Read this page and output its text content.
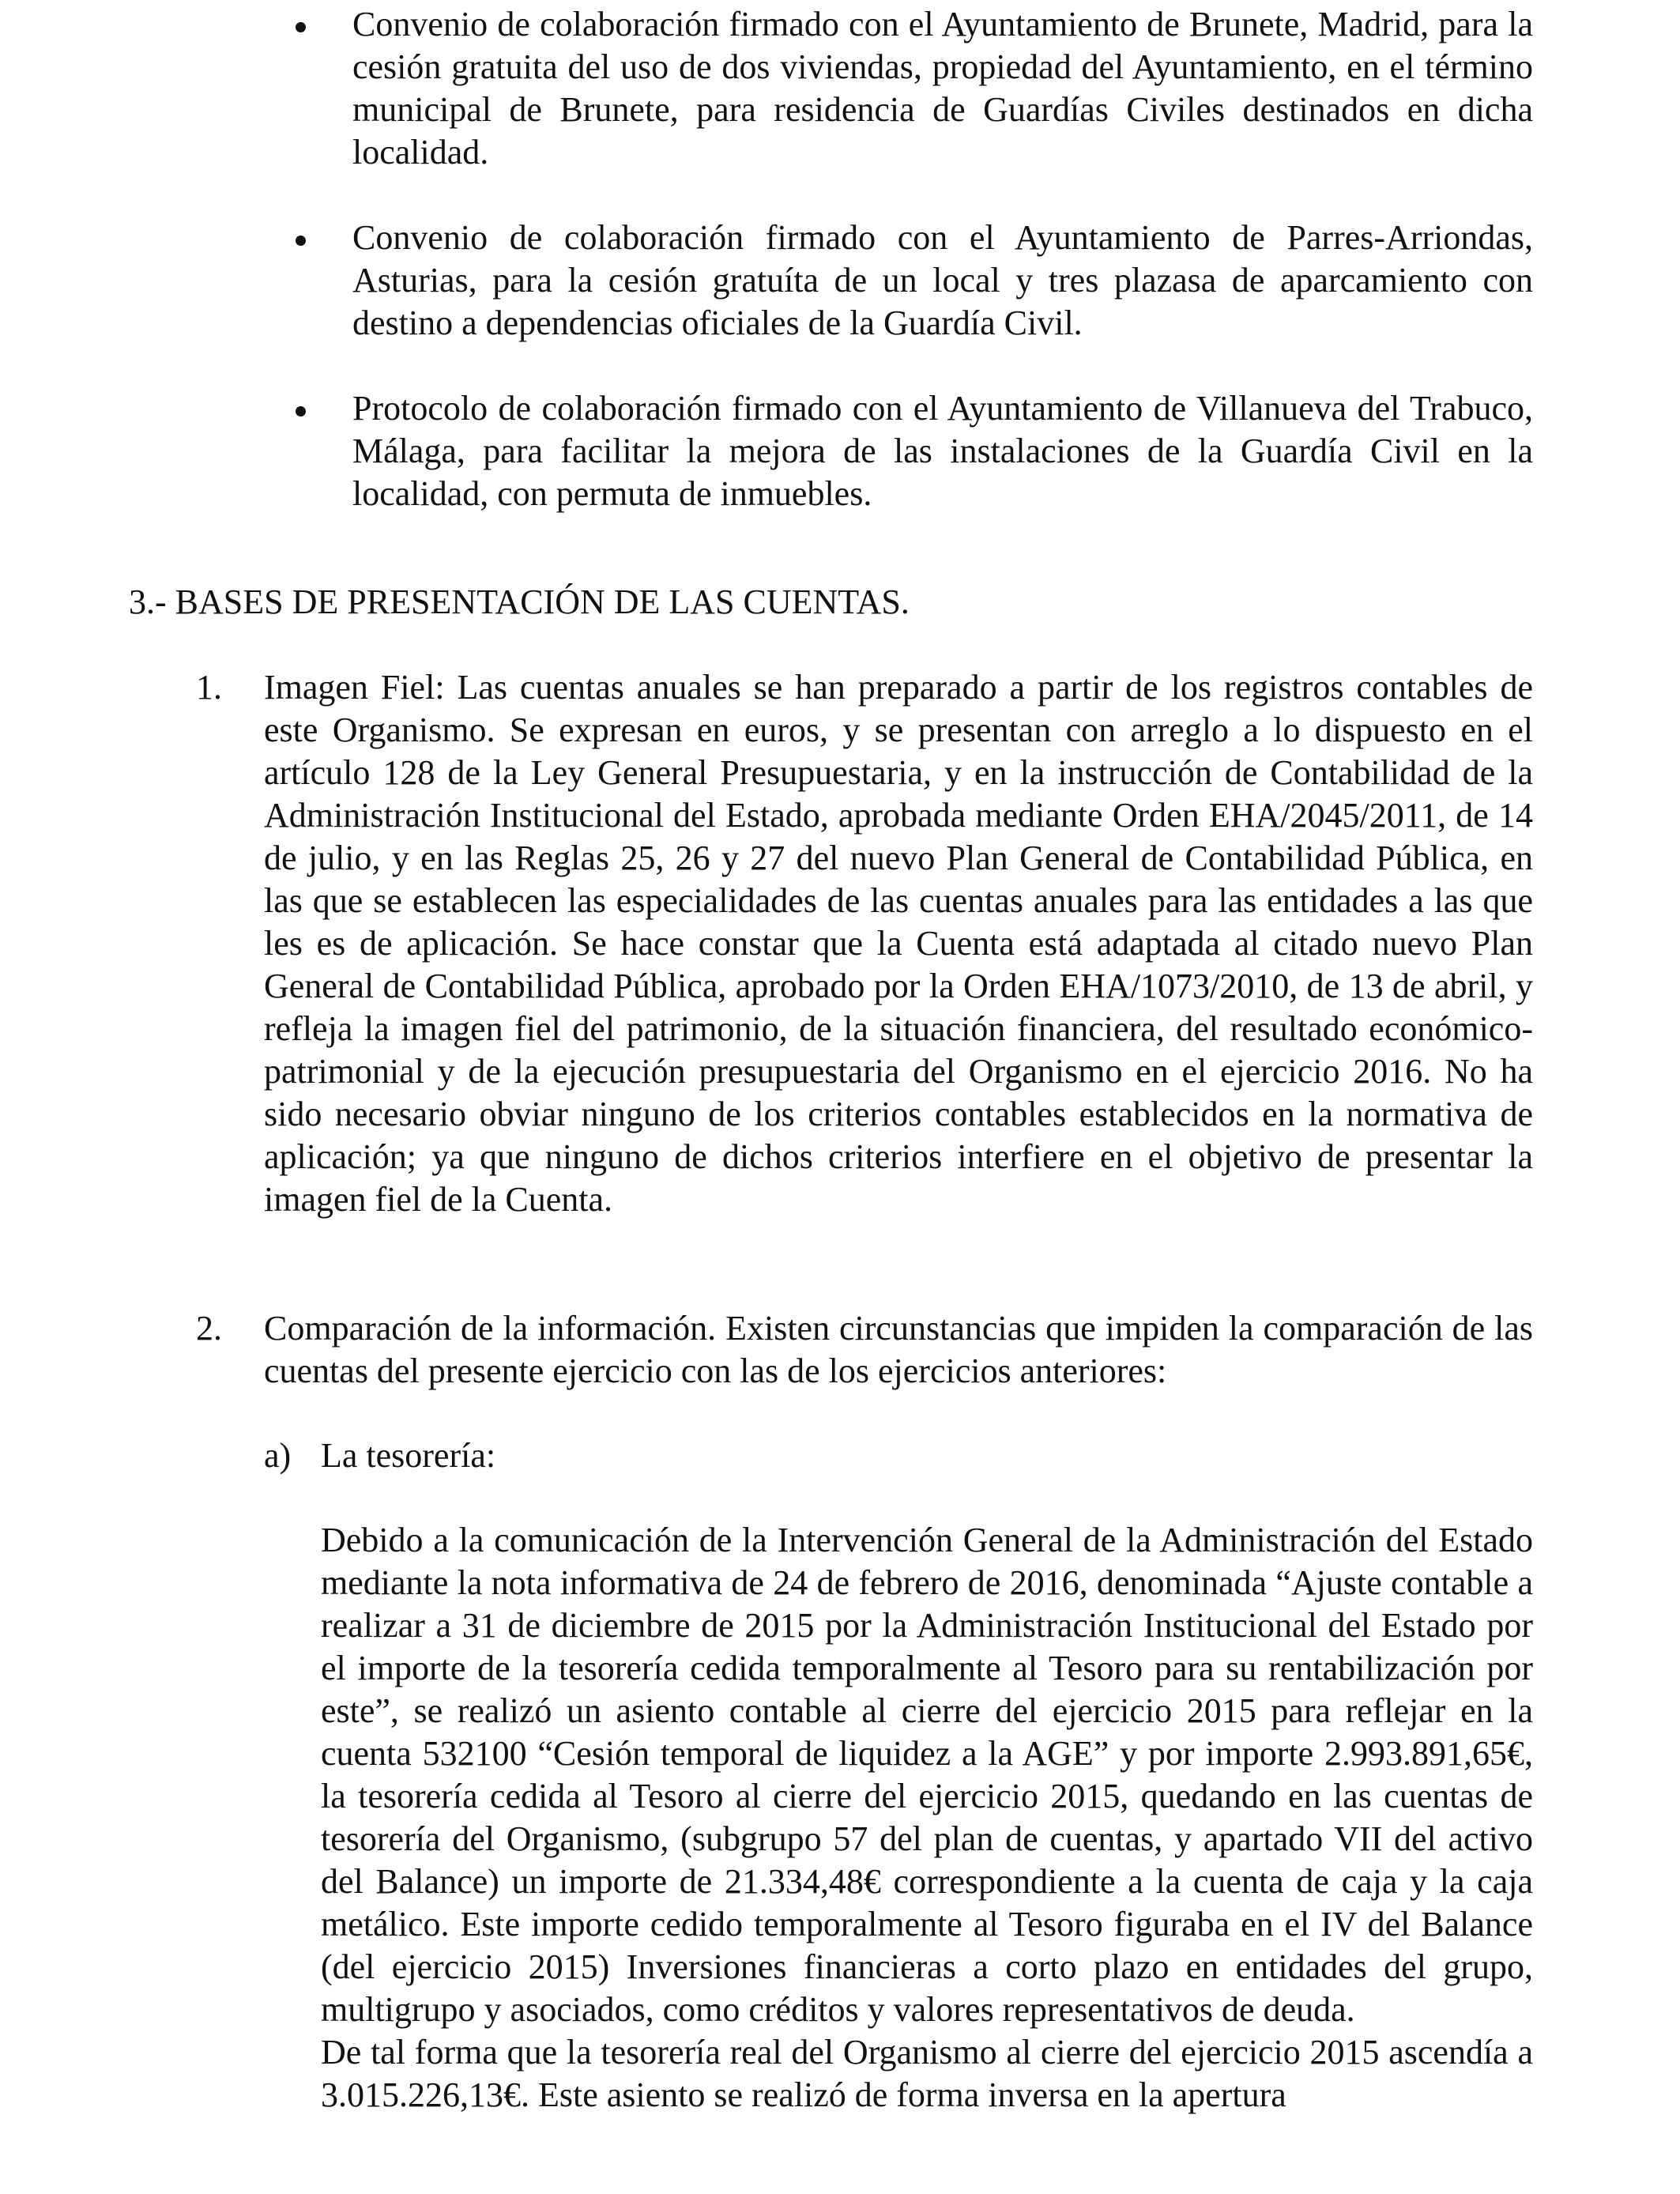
Convenio de colaboración firmado con el Ayuntamiento de Brunete, Madrid, para la cesión gratuita del uso de dos viviendas, propiedad del Ayuntamiento, en el término municipal de Brunete, para residencia de Guardías Civiles destinados en dicha localidad.

Convenio de colaboración firmado con el Ayuntamiento de Parres-Arriondas, Asturias, para la cesión gratuíta de un local y tres plazasa de aparcamiento con destino a dependencias oficiales de la Guardía Civil.

Protocolo de colaboración firmado con el Ayuntamiento de Villanueva del Trabuco, Málaga, para facilitar la mejora de las instalaciones de la Guardía Civil en la localidad, con permuta de inmuebles.

3.- BASES DE PRESENTACIÓN DE LAS CUENTAS.
1. Imagen Fiel: Las cuentas anuales se han preparado a partir de los registros contables de este Organismo. Se expresan en euros, y se presentan con arreglo a lo dispuesto en el artículo 128 de la Ley General Presupuestaria, y en la instrucción de Contabilidad de la Administración Institucional del Estado, aprobada mediante Orden EHA/2045/2011, de 14 de julio, y en las Reglas 25, 26 y 27 del nuevo Plan General de Contabilidad Pública, en las que se establecen las especialidades de las cuentas anuales para las entidades a las que les es de aplicación. Se hace constar que la Cuenta está adaptada al citado nuevo Plan General de Contabilidad Pública, aprobado por la Orden EHA/1073/2010, de 13 de abril, y refleja la imagen fiel del patrimonio, de la situación financiera, del resultado económico-patrimonial y de la ejecución presupuestaria del Organismo en el ejercicio 2016. No ha sido necesario obviar ninguno de los criterios contables establecidos en la normativa de aplicación; ya que ninguno de dichos criterios interfiere en el objetivo de presentar la imagen fiel de la Cuenta.

2. Comparación de la información. Existen circunstancias que impiden la comparación de las cuentas del presente ejercicio con las de los ejercicios anteriores:

a) La tesorería:

Debido a la comunicación de la Intervención General de la Administración del Estado mediante la nota informativa de 24 de febrero de 2016, denominada “Ajuste contable a realizar a 31 de diciembre de 2015 por la Administración Institucional del Estado por el importe de la tesorería cedida temporalmente al Tesoro para su rentabilización por este”, se realizó un asiento contable al cierre del ejercicio 2015 para reflejar en la cuenta 532100 “Cesión temporal de liquidez a la AGE” y por importe 2.993.891,65€, la tesorería cedida al Tesoro al cierre del ejercicio 2015, quedando en las cuentas de tesorería del Organismo, (subgrupo 57 del plan de cuentas, y apartado VII del activo del Balance) un importe de 21.334,48€ correspondiente a la cuenta de caja y la caja metálico. Este importe cedido temporalmente al Tesoro figuraba en el IV del Balance (del ejercicio 2015) Inversiones financieras a corto plazo en entidades del grupo, multigrupo y asociados, como créditos y valores representativos de deuda.

De tal forma que la tesorería real del Organismo al cierre del ejercicio 2015 ascendía a 3.015.226,13€. Este asiento se realizó de forma inversa en la apertura
